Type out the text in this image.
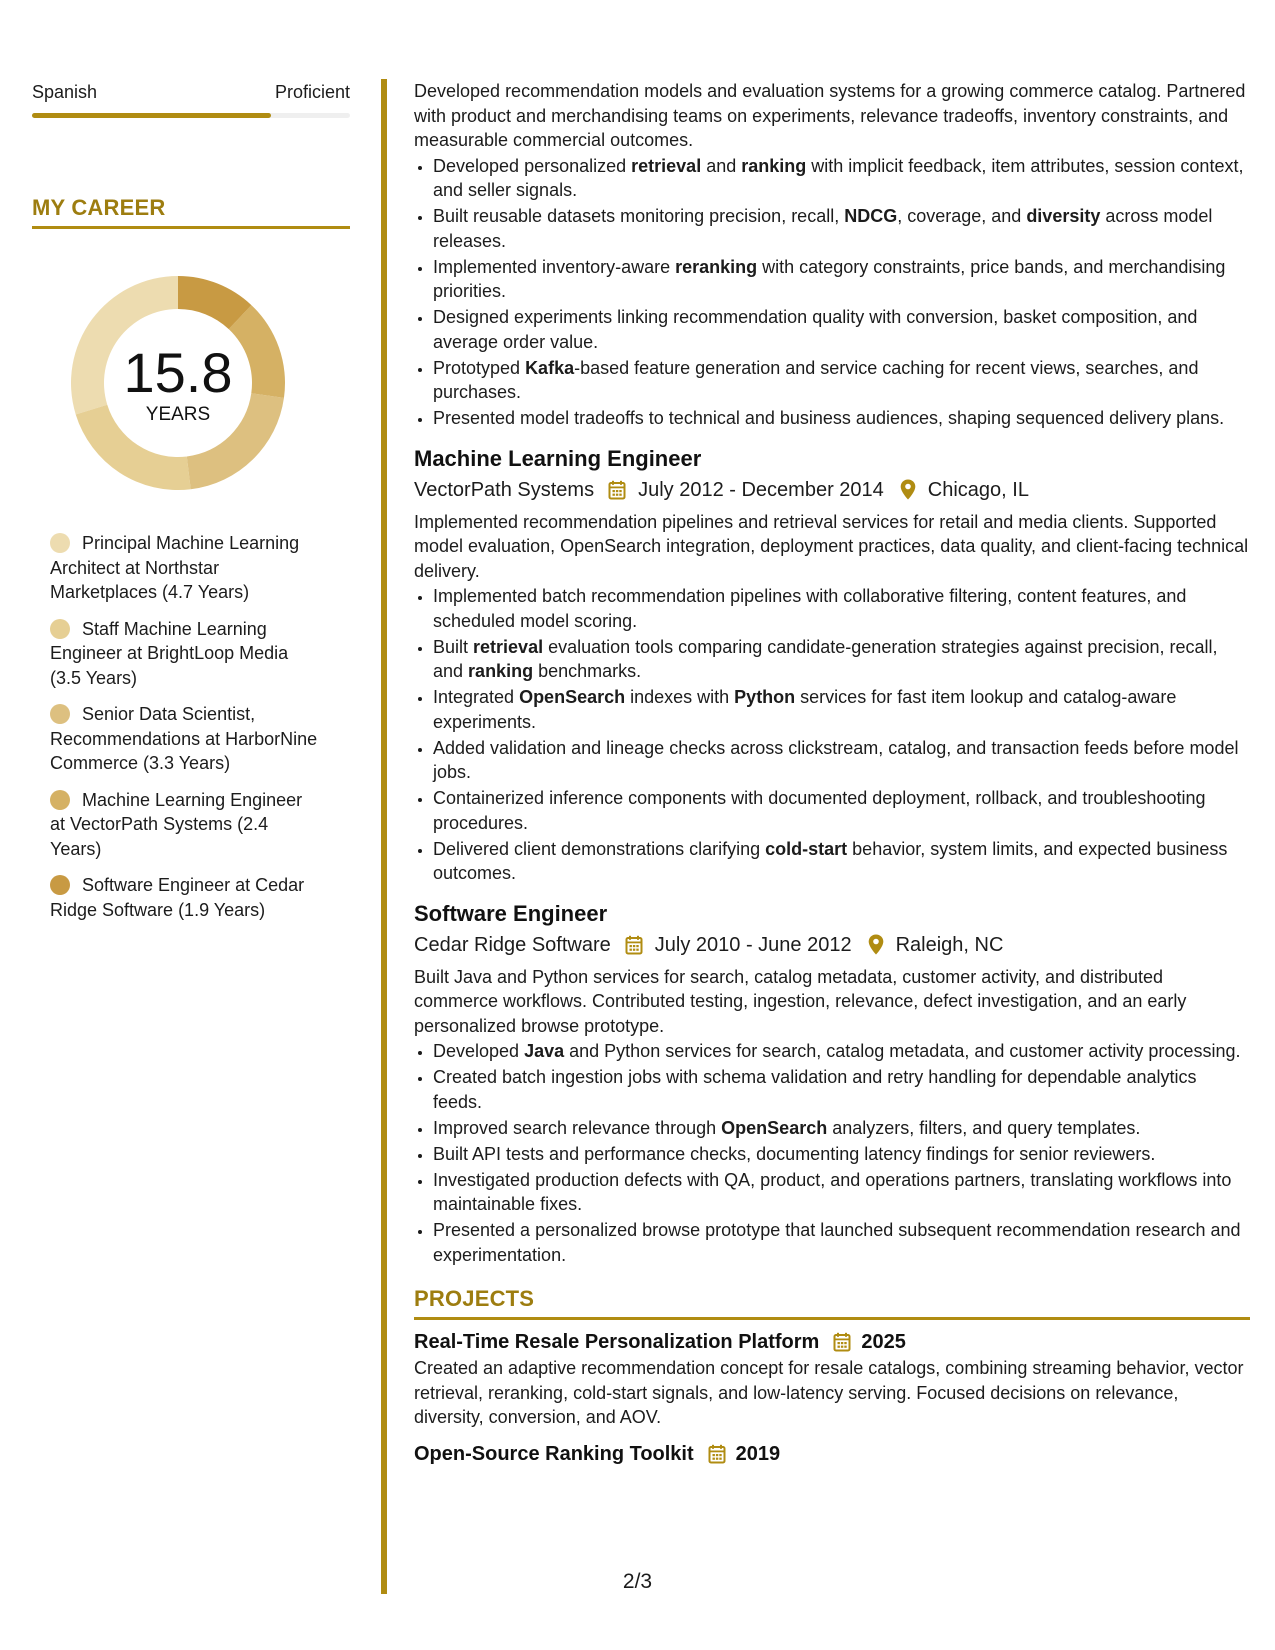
Spanish	Proficient
MY CAREER
15.8
YEARS
Principal Machine Learning Architect at Northstar Marketplaces (4.7 Years)
Staff Machine Learning Engineer at BrightLoop Media (3.5 Years)
Senior Data Scientist, Recommendations at HarborNine Commerce (3.3 Years)
Machine Learning Engineer at VectorPath Systems (2.4 Years)
Software Engineer at Cedar Ridge Software (1.9 Years)

Developed recommendation models and evaluation systems for a growing commerce catalog. Partnered with product and merchandising teams on experiments, relevance tradeoffs, inventory constraints, and measurable commercial outcomes.

• Developed personalized retrieval and ranking with implicit feedback, item attributes, session context, and seller signals.
• Built reusable datasets monitoring precision, recall, NDCG, coverage, and diversity across model releases.
• Implemented inventory-aware reranking with category constraints, price bands, and merchandising priorities.
• Designed experiments linking recommendation quality with conversion, basket composition, and average order value.
• Prototyped Kafka-based feature generation and service caching for recent views, searches, and purchases.
• Presented model tradeoffs to technical and business audiences, shaping sequenced delivery plans.
Machine Learning Engineer
VectorPath Systems July 2012 - December 2014 Chicago, IL

Implemented recommendation pipelines and retrieval services for retail and media clients. Supported model evaluation, OpenSearch integration, deployment practices, data quality, and client-facing technical delivery.

• Implemented batch recommendation pipelines with collaborative filtering, content features, and scheduled model scoring.
• Built retrieval evaluation tools comparing candidate-generation strategies against precision, recall, and ranking benchmarks.
• Integrated OpenSearch indexes with Python services for fast item lookup and catalog-aware experiments.
• Added validation and lineage checks across clickstream, catalog, and transaction feeds before model jobs.
• Containerized inference components with documented deployment, rollback, and troubleshooting procedures.
• Delivered client demonstrations clarifying cold-start behavior, system limits, and expected business outcomes.
Software Engineer
Cedar Ridge Software July 2010 - June 2012 Raleigh, NC

Built Java and Python services for search, catalog metadata, customer activity, and distributed commerce workflows. Contributed testing, ingestion, relevance, defect investigation, and an early personalized browse prototype.

• Developed Java and Python services for search, catalog metadata, and customer activity processing.
• Created batch ingestion jobs with schema validation and retry handling for dependable analytics feeds.
• Improved search relevance through OpenSearch analyzers, filters, and query templates.
• Built API tests and performance checks, documenting latency findings for senior reviewers.
• Investigated production defects with QA, product, and operations partners, translating workflows into maintainable fixes.
• Presented a personalized browse prototype that launched subsequent recommendation research and experimentation.
PROJECTS
Real-Time Resale Personalization Platform 2025

Created an adaptive recommendation concept for resale catalogs, combining streaming behavior, vector retrieval, reranking, cold-start signals, and low-latency serving. Focused decisions on relevance, diversity, conversion, and AOV.

Open-Source Ranking Toolkit 2019
2/3
